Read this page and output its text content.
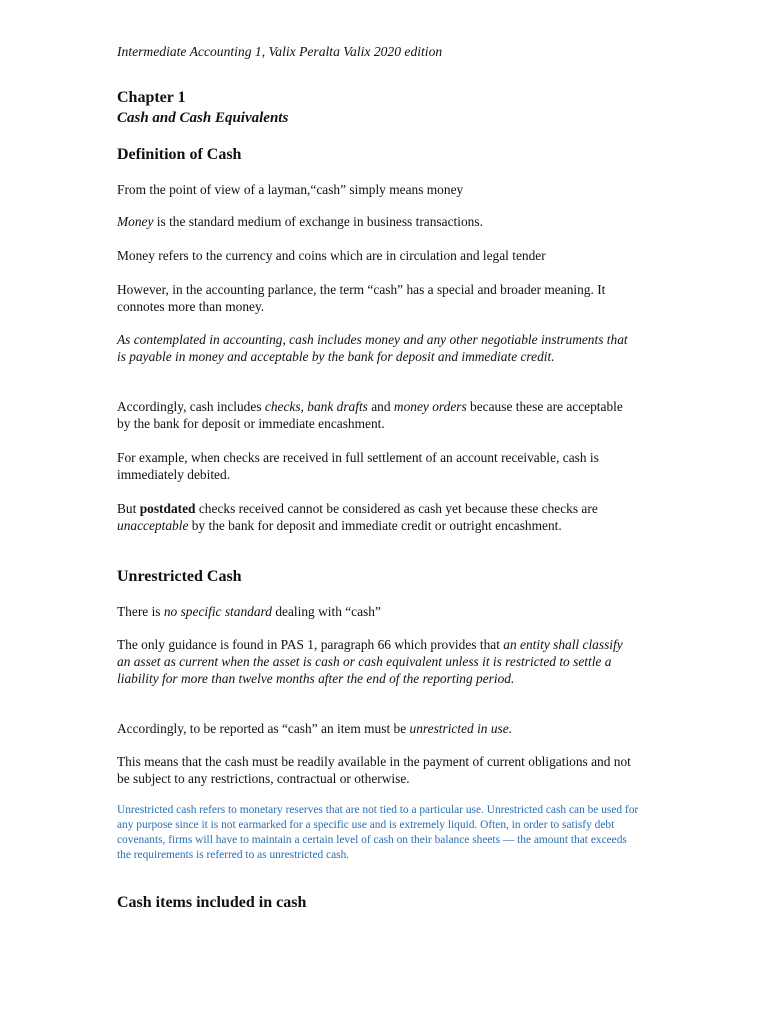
Intermediate Accounting 1, Valix Peralta Valix 2020 edition

Chapter 1

Cash and Cash Equivalents

Definition of Cash

From the point of view of a layman,“cash” simply means money

Money is the standard medium of exchange in business transactions.

Money refers to the currency and coins which are in circulation and legal tender

However, in the accounting parlance, the term “cash” has a special and broader meaning. It connotes more than money.

As contemplated in accounting, cash includes money and any other negotiable instruments that is payable in money and acceptable by the bank for deposit and immediate credit.

Accordingly, cash includes checks, bank drafts and money orders because these are acceptable by the bank for deposit or immediate encashment.

For example, when checks are received in full settlement of an account receivable, cash is immediately debited.

But postdated checks received cannot be considered as cash yet because these checks are unacceptable by the bank for deposit and immediate credit or outright encashment.

Unrestricted Cash

There is no specific standard dealing with “cash”

The only guidance is found in PAS 1, paragraph 66 which provides that an entity shall classify an asset as current when the asset is cash or cash equivalent unless it is restricted to settle a liability for more than twelve months after the end of the reporting period.

Accordingly, to be reported as “cash” an item must be unrestricted in use.

This means that the cash must be readily available in the payment of current obligations and not be subject to any restrictions, contractual or otherwise.

Unrestricted cash refers to monetary reserves that are not tied to a particular use. Unrestricted cash can be used for any purpose since it is not earmarked for a specific use and is extremely liquid. Often, in order to satisfy debt covenants, firms will have to maintain a certain level of cash on their balance sheets — the amount that exceeds the requirements is referred to as unrestricted cash.

Cash items included in cash
